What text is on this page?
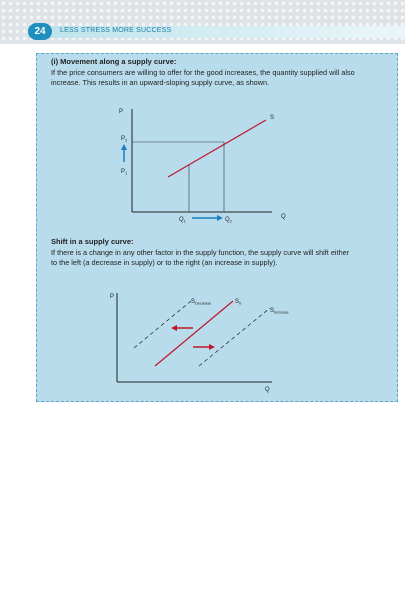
24	LESS STRESS MORE SUCCESS
(i) Movement along a supply curve:
If the price consumers are willing to offer for the good increases, the quantity supplied will also increase. This results in an upward-sloping supply curve, as shown.
P
Q
S
$P_2$
$P_1$
$Q_1$	$Q_2$
Shift in a supply curve:
If there is a change in any other factor in the supply function, the supply curve will shift either to the left (a decrease in supply) or to the right (an increase in supply).
P
Q
$S_{Decrease}$	$S_0$
$S_{Increase}$
